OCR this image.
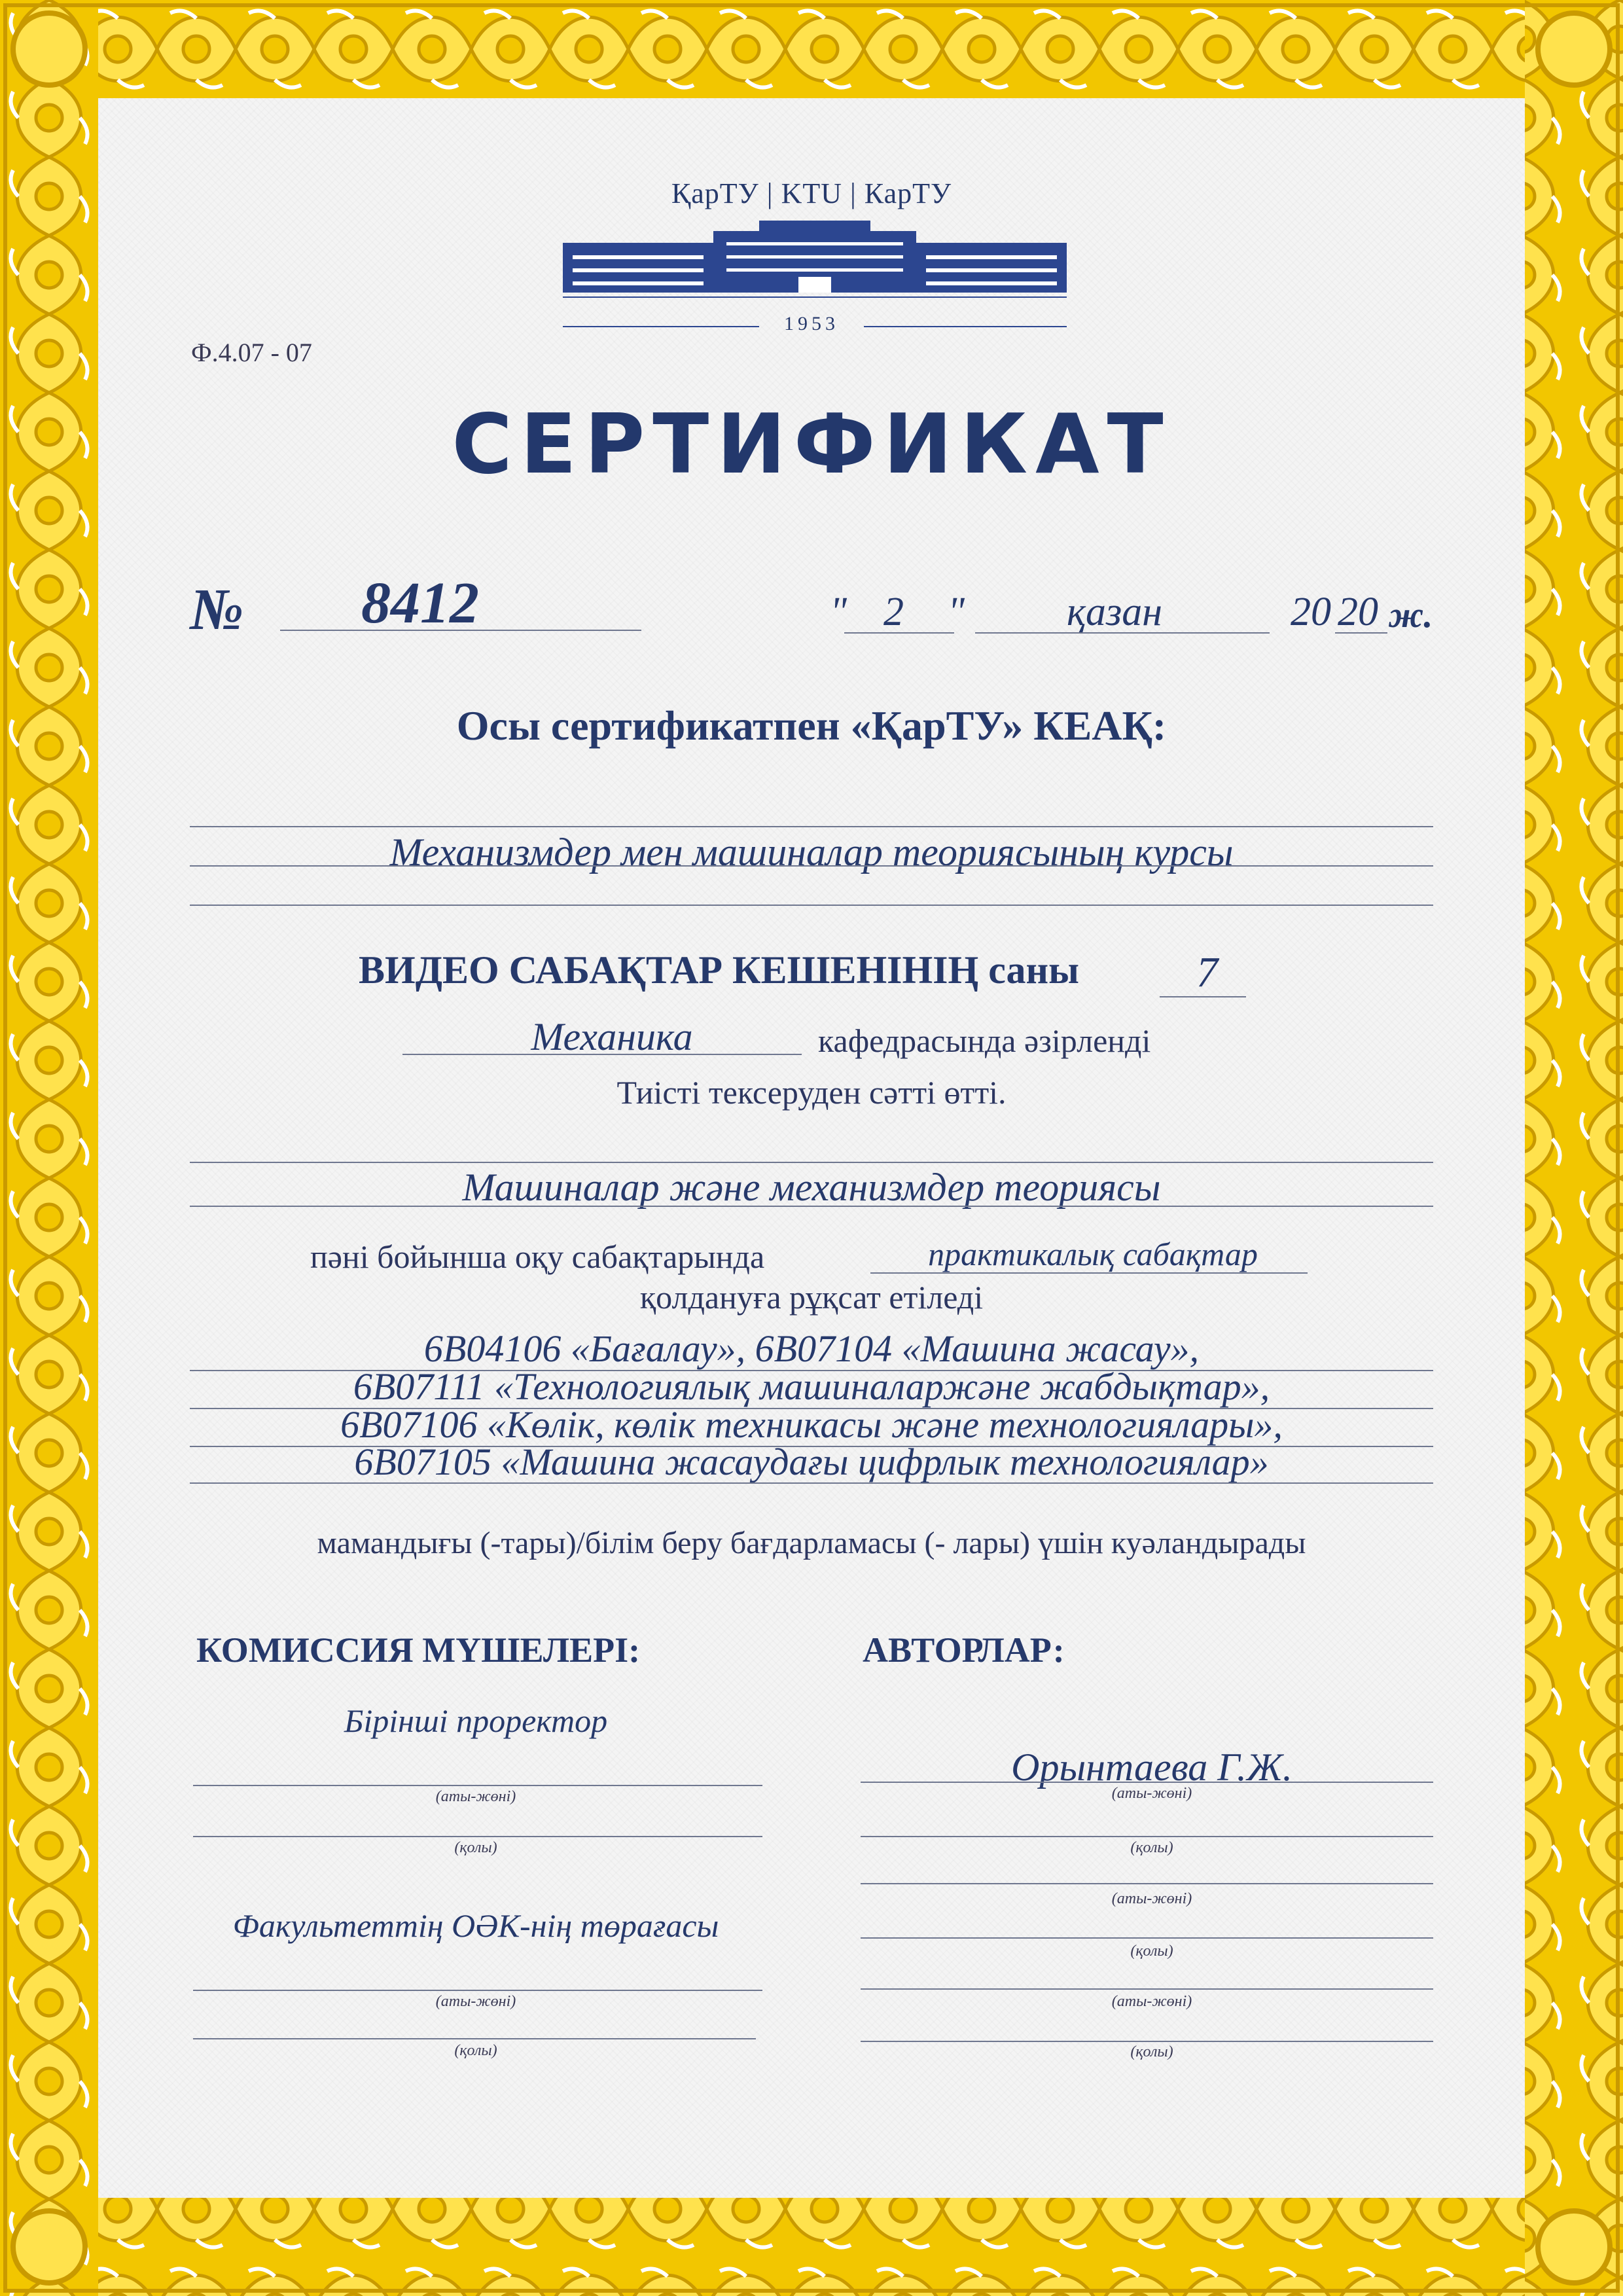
ҚарТУ | KTU | КарТУ
1953
Ф.4.07 - 07
СЕРТИФИКАТ
№ 8412	" 2 "	қазан	20 20 ж.
Осы сертификатпен «ҚарТУ» КЕАҚ:
Механизмдер мен машиналар теориясының курсы
ВИДЕО САБАҚТАР КЕШЕНІНІҢ саны	7
Механика	кафедрасында әзірленді
Тиісті тексеруден сәтті өтті.
Машиналар және механизмдер теориясы
пәні бойынша оқу сабақтарында	практикалық сабақтар
қолдануға рұқсат етіледі
6В04106 «Бағалау», 6В07104 «Машина жасау»,
6В07111 «Технологиялық машиналаржәне жабдықтар»,
6В07106 «Көлік, көлік техникасы және технологиялары»,
6В07105 «Машина жасаудағы цифрлык технологиялар»
мамандығы (-тары)/білім беру бағдарламасы (- лары) үшін куәландырады
КОМИССИЯ МҮШЕЛЕРІ:
Бірінші проректор
(аты-жөні)
(қолы)
Факультеттің ОӘК-нің төрағасы
(аты-жөні)
(қолы)
АВТОРЛАР:
Орынтаева Г.Ж.
(аты-жөні)
(қолы)
(аты-жөні)
(қолы)
(аты-жөні)
(қолы)
